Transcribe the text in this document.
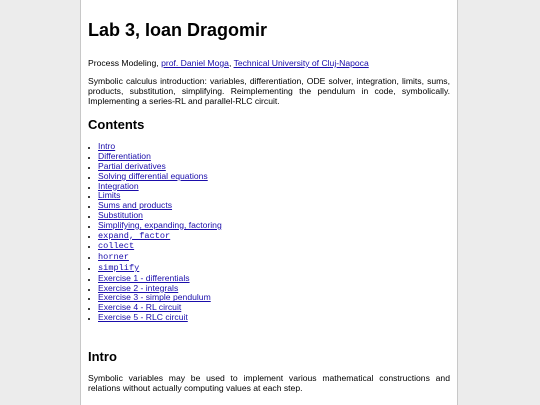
Lab 3, Ioan Dragomir

Process Modeling, prof. Daniel Moga, Technical University of Cluj-Napoca

Symbolic calculus introduction: variables, differentiation, ODE solver, integration, limits, sums, products, substitution, simplifying. Reimplementing the pendulum in code, symbolically. Implementing a series-RL and parallel-RLC circuit.

Contents
• Intro
• Differentiation
• Partial derivatives
• Solving differential equations
• Integration
• Limits
• Sums and products
• Substitution
• Simplifying, expanding, factoring
• expand, factor
• collect
• horner
• simplify
• Exercise 1 - differentials
• Exercise 2 - integrals
• Exercise 3 - simple pendulum
• Exercise 4 - RL circuit
• Exercise 5 - RLC circuit
Intro

Symbolic variables may be used to implement various mathematical constructions and relations without actually computing values at each step.
